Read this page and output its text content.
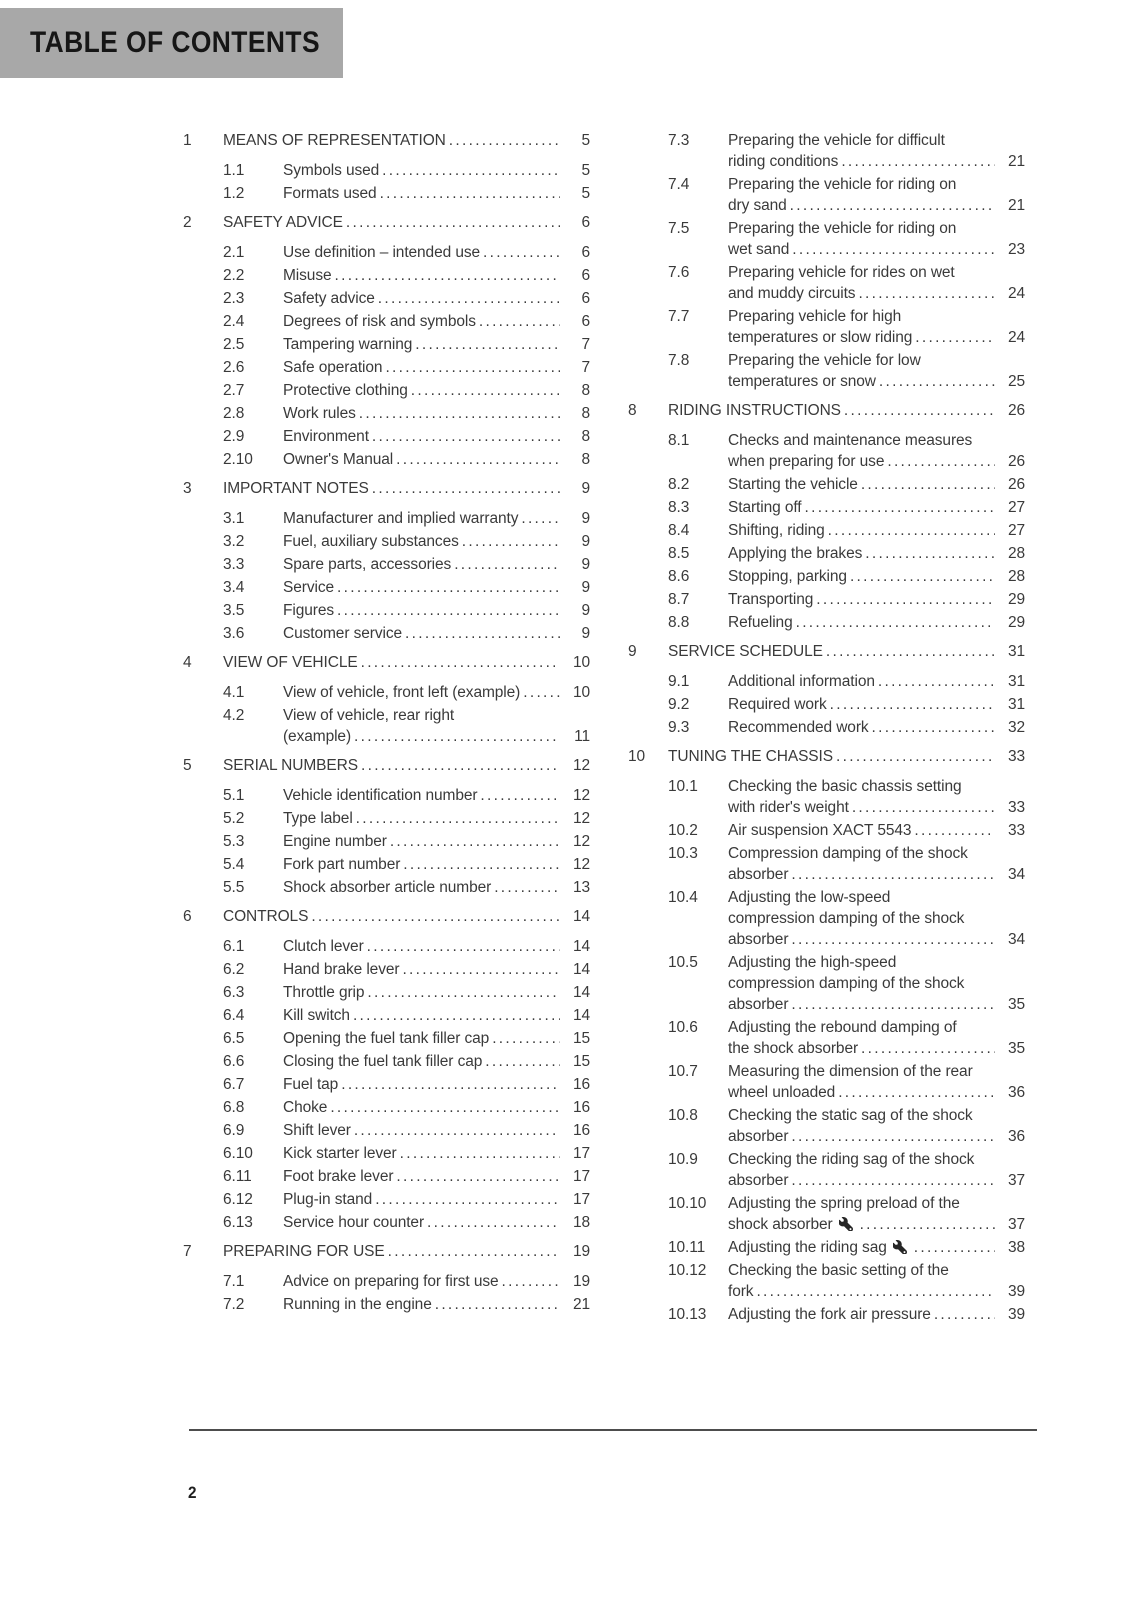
TABLE OF CONTENTS
1	MEANS OF REPRESENTATION .....	5
1.1	Symbols used .....	5
1.2	Formats used .....	5
2	SAFETY ADVICE .....	6
2.1	Use definition – intended use .....	6
2.2	Misuse .....	6
2.3	Safety advice .....	6
2.4	Degrees of risk and symbols .....	6
2.5	Tampering warning .....	7
2.6	Safe operation .....	7
2.7	Protective clothing .....	8
2.8	Work rules .....	8
2.9	Environment .....	8
2.10	Owner's Manual .....	8
3	IMPORTANT NOTES .....	9
3.1	Manufacturer and implied warranty .....	9
3.2	Fuel, auxiliary substances .....	9
3.3	Spare parts, accessories .....	9
3.4	Service .....	9
3.5	Figures .....	9
3.6	Customer service .....	9
4	VIEW OF VEHICLE .....	10
4.1	View of vehicle, front left (example) .....	10
4.2	View of vehicle, rear right
(example) .....	11
5	SERIAL NUMBERS .....	12
5.1	Vehicle identification number .....	12
5.2	Type label .....	12
5.3	Engine number .....	12
5.4	Fork part number .....	12
5.5	Shock absorber article number .....	13
6	CONTROLS .....	14
6.1	Clutch lever .....	14
6.2	Hand brake lever .....	14
6.3	Throttle grip .....	14
6.4	Kill switch .....	14
6.5	Opening the fuel tank filler cap .....	15
6.6	Closing the fuel tank filler cap .....	15
6.7	Fuel tap .....	16
6.8	Choke .....	16
6.9	Shift lever .....	16
6.10	Kick starter lever .....	17
6.11	Foot brake lever .....	17
6.12	Plug-in stand .....	17
6.13	Service hour counter .....	18
7	PREPARING FOR USE .....	19
7.1	Advice on preparing for first use .....	19
7.2	Running in the engine .....	21
7.3	Preparing the vehicle for difficult
riding conditions .....	21
7.4	Preparing the vehicle for riding on
dry sand .....	21
7.5	Preparing the vehicle for riding on
wet sand .....	23
7.6	Preparing vehicle for rides on wet
and muddy circuits .....	24
7.7	Preparing vehicle for high
temperatures or slow riding .....	24
7.8	Preparing the vehicle for low
temperatures or snow .....	25
8	RIDING INSTRUCTIONS .....	26
8.1	Checks and maintenance measures
when preparing for use .....	26
8.2	Starting the vehicle .....	26
8.3	Starting off .....	27
8.4	Shifting, riding .....	27
8.5	Applying the brakes .....	28
8.6	Stopping, parking .....	28
8.7	Transporting .....	29
8.8	Refueling .....	29
9	SERVICE SCHEDULE .....	31
9.1	Additional information .....	31
9.2	Required work .....	31
9.3	Recommended work .....	32
10	TUNING THE CHASSIS .....	33
10.1	Checking the basic chassis setting
with rider's weight .....	33
10.2	Air suspension XACT 5543 .....	33
10.3	Compression damping of the shock
absorber .....	34
10.4	Adjusting the low-speed
compression damping of the shock
absorber .....	34
10.5	Adjusting the high-speed
compression damping of the shock
absorber .....	35
10.6	Adjusting the rebound damping of
the shock absorber .....	35
10.7	Measuring the dimension of the rear
wheel unloaded .....	36
10.8	Checking the static sag of the shock
absorber .....	36
10.9	Checking the riding sag of the shock
absorber .....	37
10.10	Adjusting the spring preload of the
shock absorber .....	37
10.11	Adjusting the riding sag .....	38
10.12	Checking the basic setting of the
fork .....	39
10.13	Adjusting the fork air pressure .....	39
2
